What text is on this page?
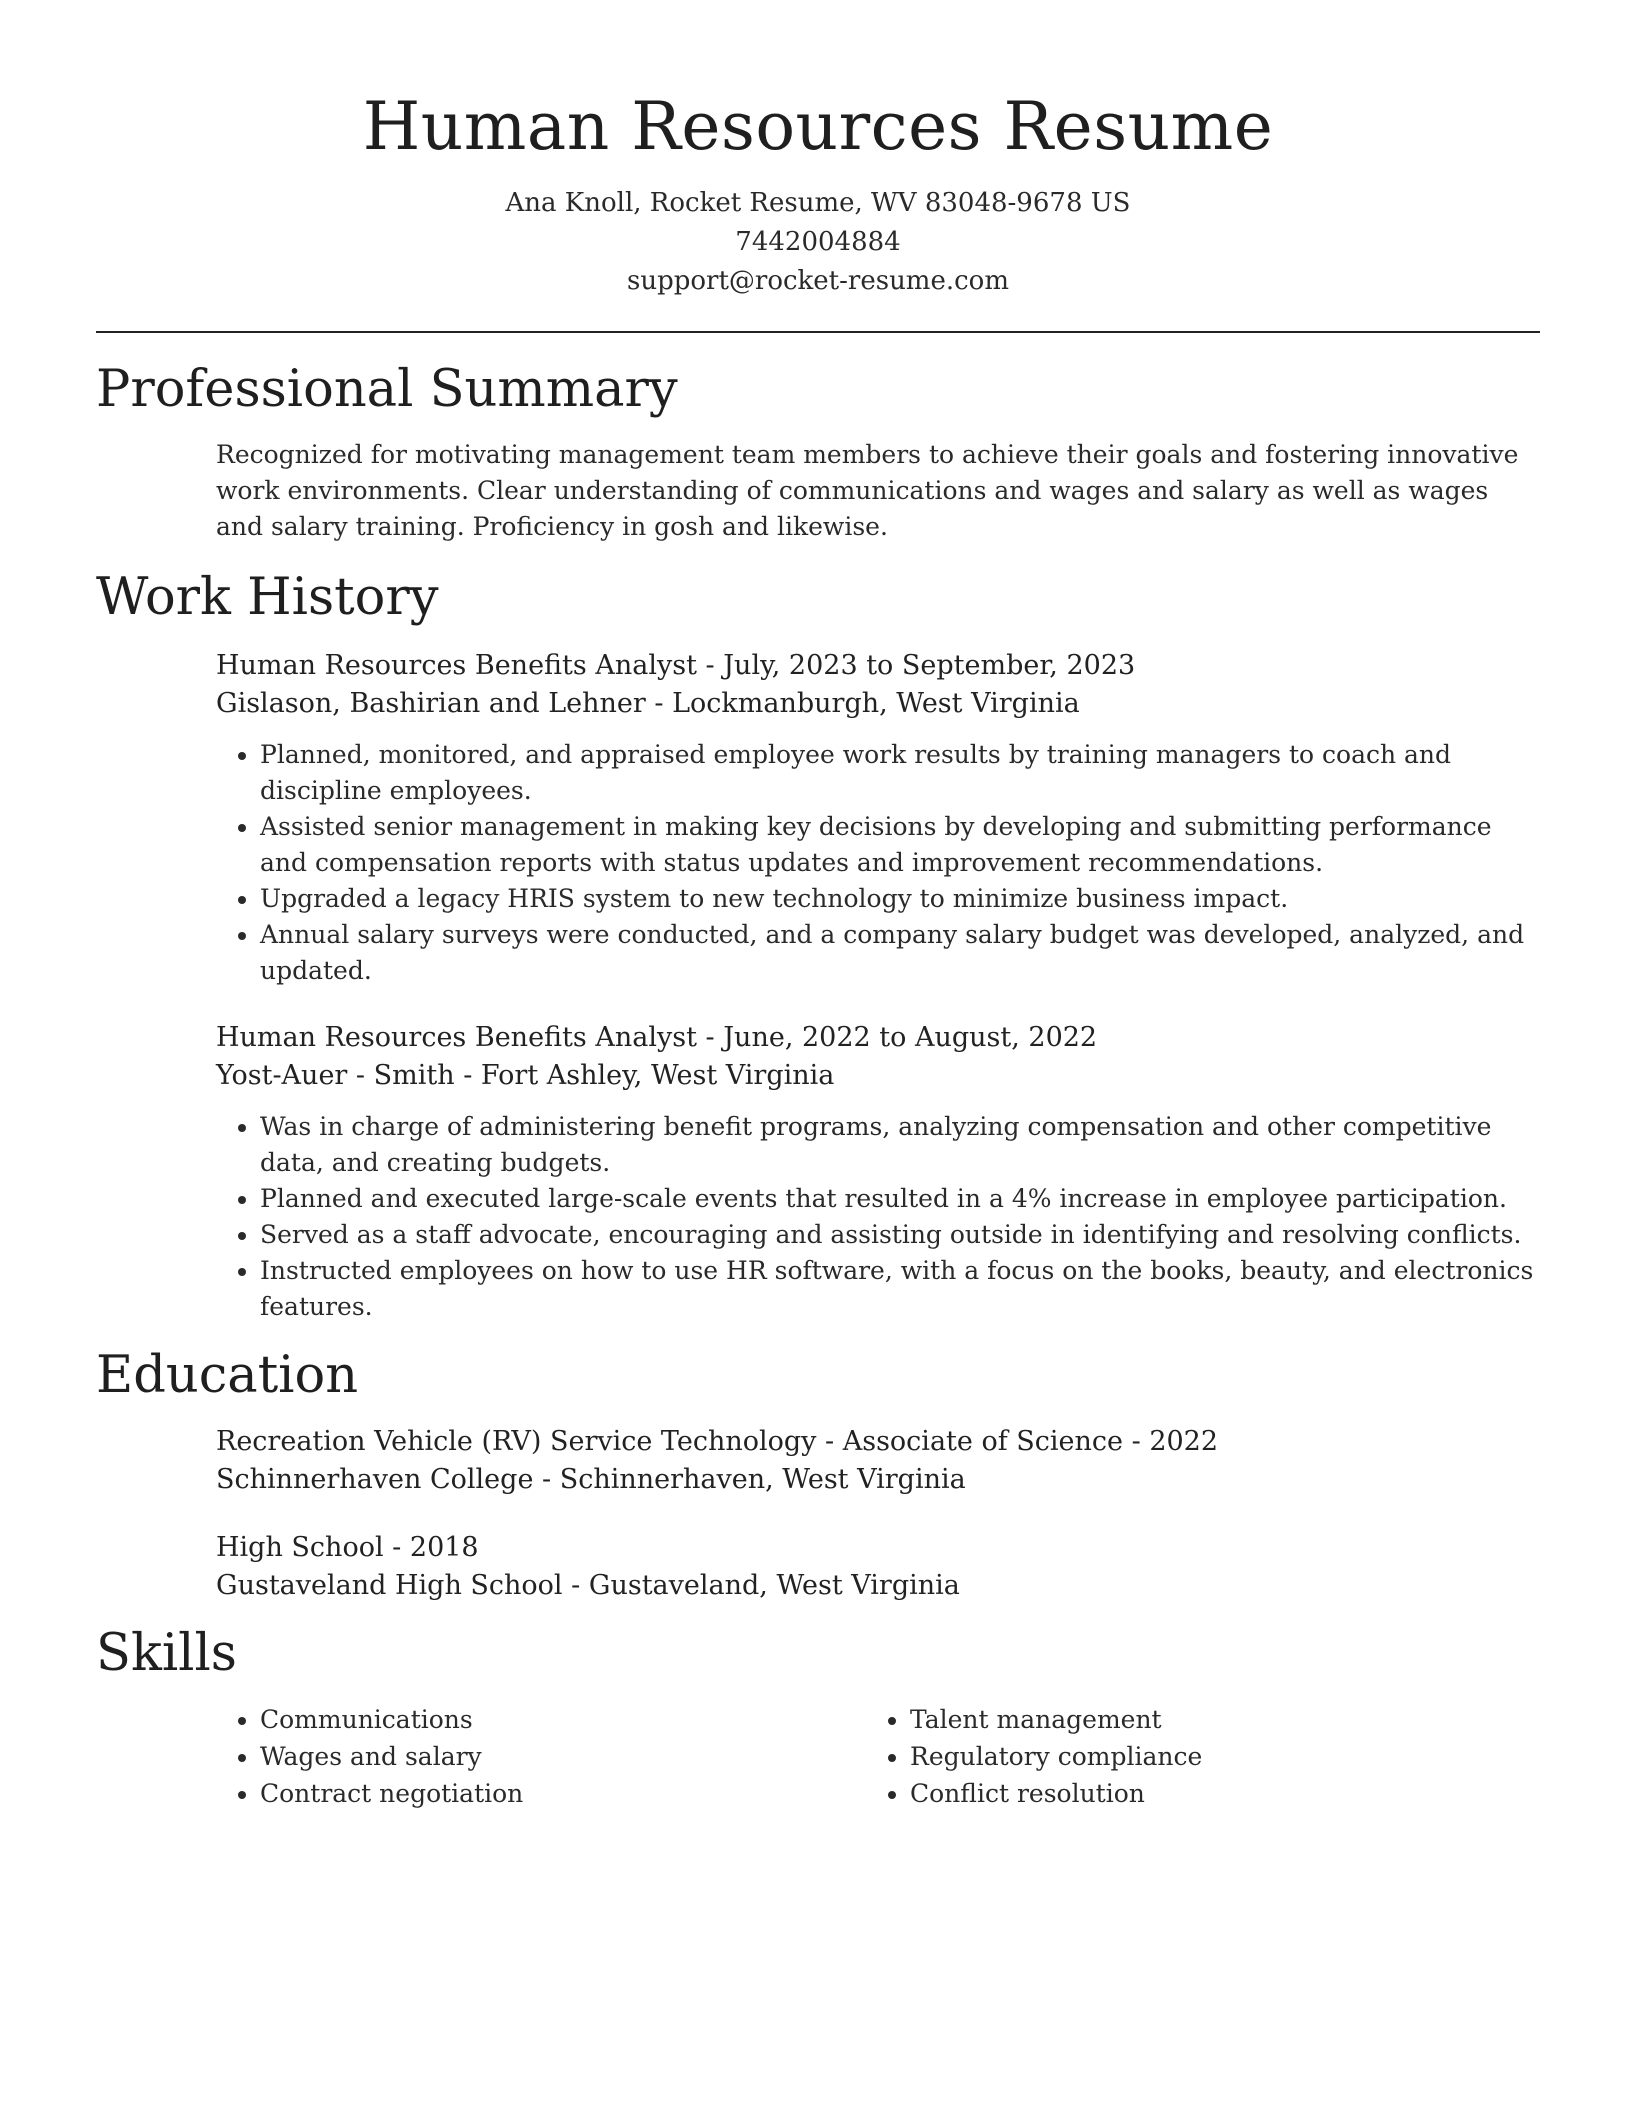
Human Resources Resume
Ana Knoll, Rocket Resume, WV 83048-9678 US
7442004884
support@rocket-resume.com
Professional Summary

Recognized for motivating management team members to achieve their goals and fostering innovative work environments. Clear understanding of communications and wages and salary as well as wages and salary training. Proficiency in gosh and likewise.

Work History
Human Resources Benefits Analyst - July, 2023 to September, 2023
Gislason, Bashirian and Lehner - Lockmanburgh, West Virginia
• Planned, monitored, and appraised employee work results by training managers to coach and discipline employees.
• Assisted senior management in making key decisions by developing and submitting performance and compensation reports with status updates and improvement recommendations.
• Upgraded a legacy HRIS system to new technology to minimize business impact.
• Annual salary surveys were conducted, and a company salary budget was developed, analyzed, and updated.
Human Resources Benefits Analyst - June, 2022 to August, 2022
Yost-Auer - Smith - Fort Ashley, West Virginia
• Was in charge of administering benefit programs, analyzing compensation and other competitive data, and creating budgets.
• Planned and executed large-scale events that resulted in a 4% increase in employee participation.
• Served as a staff advocate, encouraging and assisting outside in identifying and resolving conflicts.
• Instructed employees on how to use HR software, with a focus on the books, beauty, and electronics features.
Education
Recreation Vehicle (RV) Service Technology - Associate of Science - 2022
Schinnerhaven College - Schinnerhaven, West Virginia
High School - 2018
Gustaveland High School - Gustaveland, West Virginia
Skills
• Communications
• Wages and salary
• Contract negotiation
• Talent management
• Regulatory compliance
• Conflict resolution
